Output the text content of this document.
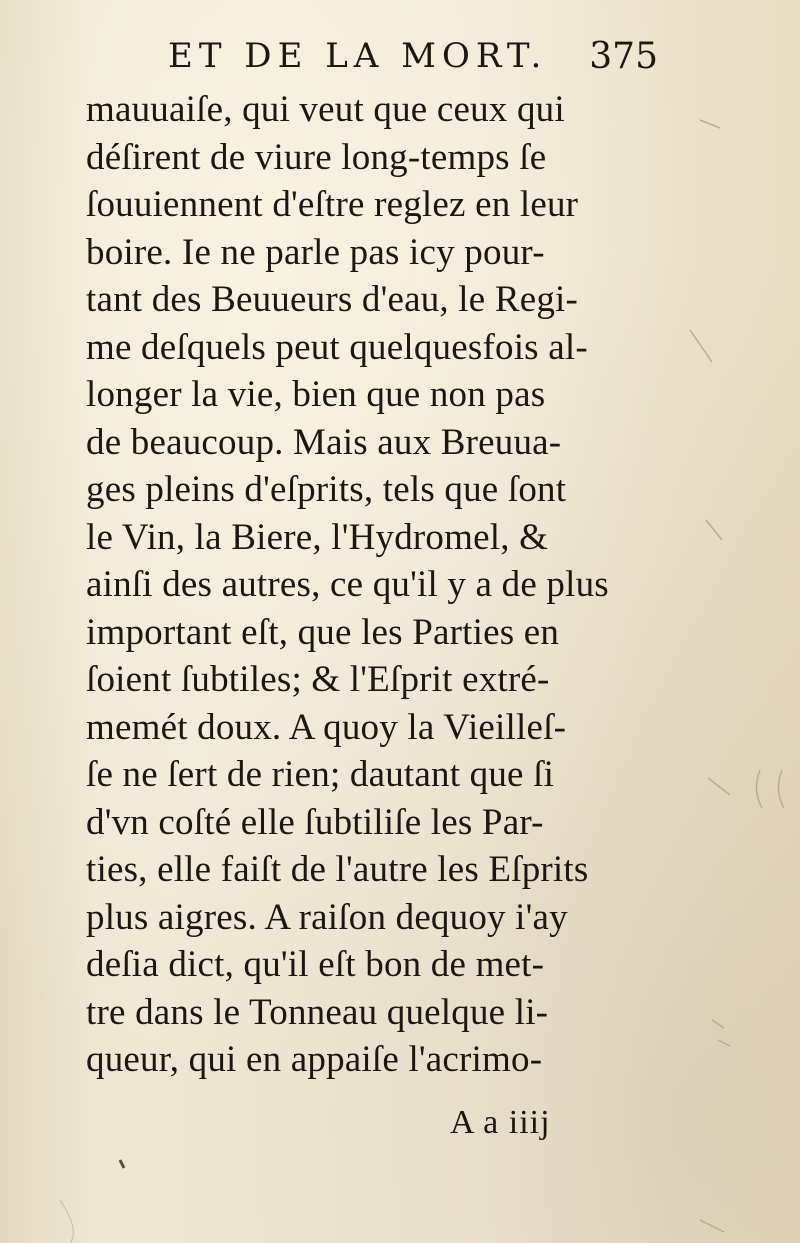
ET DE LA MORT. 375
mauuaiſe, qui veut que ceux qui
déſirent de viure long-temps ſe
ſouuiennent d'eſtre reglez en leur
boire. Ie ne parle pas icy pour-
tant des Beuueurs d'eau, le Regi-
me deſquels peut quelquesfois al-
longer la vie, bien que non pas
de beaucoup. Mais aux Breuua-
ges pleins d'eſprits, tels que ſont
le Vin, la Biere, l'Hydromel, &
ainſi des autres, ce qu'il y a de plus
important eſt, que les Parties en
ſoient ſubtiles; & l'Eſprit extré-
memét doux. A quoy la Vieilleſ-
ſe ne ſert de rien; dautant que ſi
d'vn coſté elle ſubtiliſe les Par-
ties, elle faiſt de l'autre les Eſprits
plus aigres. A raiſon dequoy i'ay
deſia dict, qu'il eſt bon de met-
tre dans le Tonneau quelque li-
queur, qui en appaiſe l'acrimo-
A a iiij
